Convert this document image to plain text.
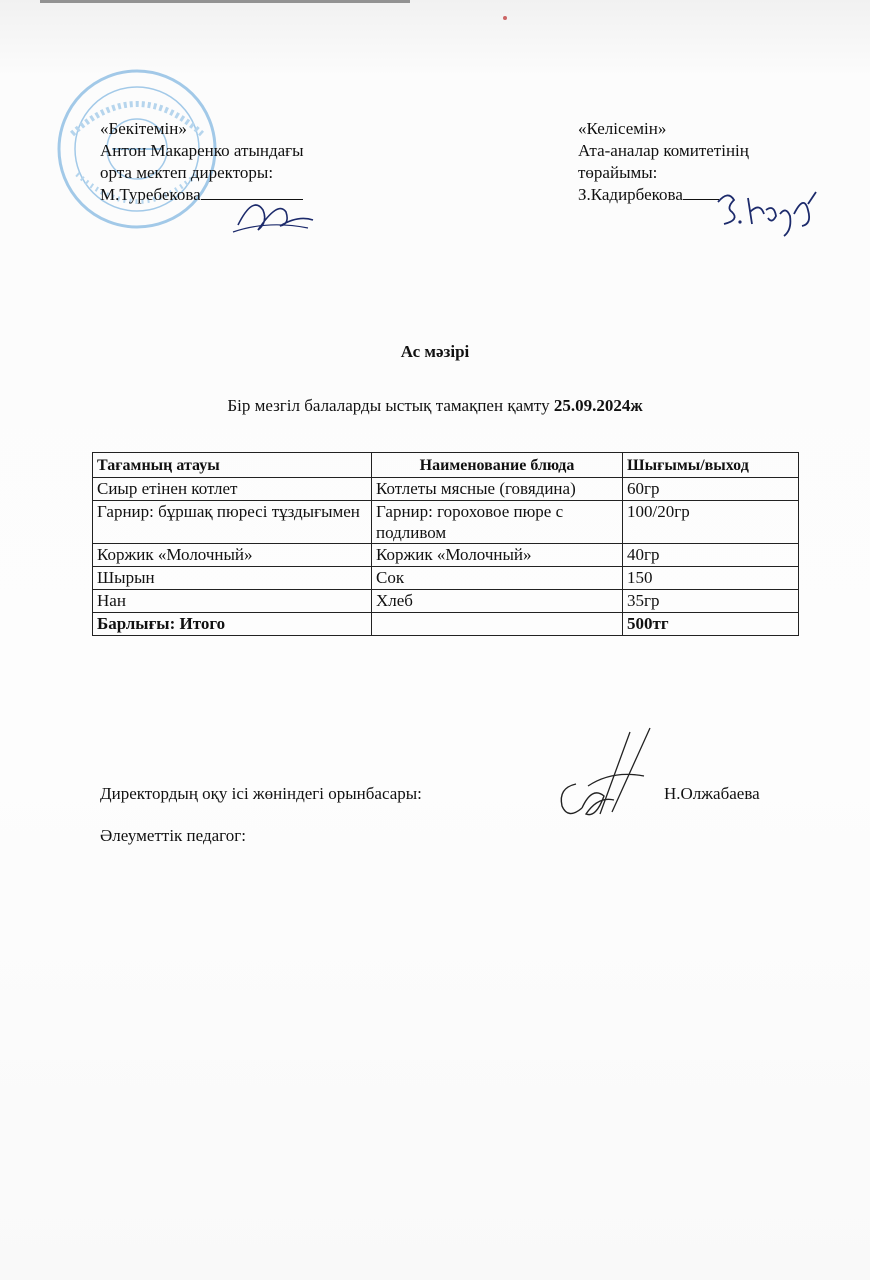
«Бекітемін»
Антон Макаренко атындағы
орта мектеп директоры:
М.Туребекова
«Келісемін»
Ата-аналар комитетінің
төрайымы:
З.Кадирбекова
Ас мәзірі
Бір мезгіл балаларды ыстық тамақпен қамту 25.09.2024ж
Тағамның атауы	Наименование блюда	Шығымы/выход
Сиыр етінен котлет	Котлеты мясные (говядина)	60гр
Гарнир: бұршақ пюресі тұздығымен	Гарнир: гороховое пюре с подливом	100/20гр
Коржик «Молочный»	Коржик «Молочный»	40гр
Шырын	Сок	150
Нан	Хлеб	35гр
Барлығы: Итого		500тг
Директордың оқу ісі жөніндегі орынбасары:	Н.Олжабаева
Әлеуметтік педагог:
